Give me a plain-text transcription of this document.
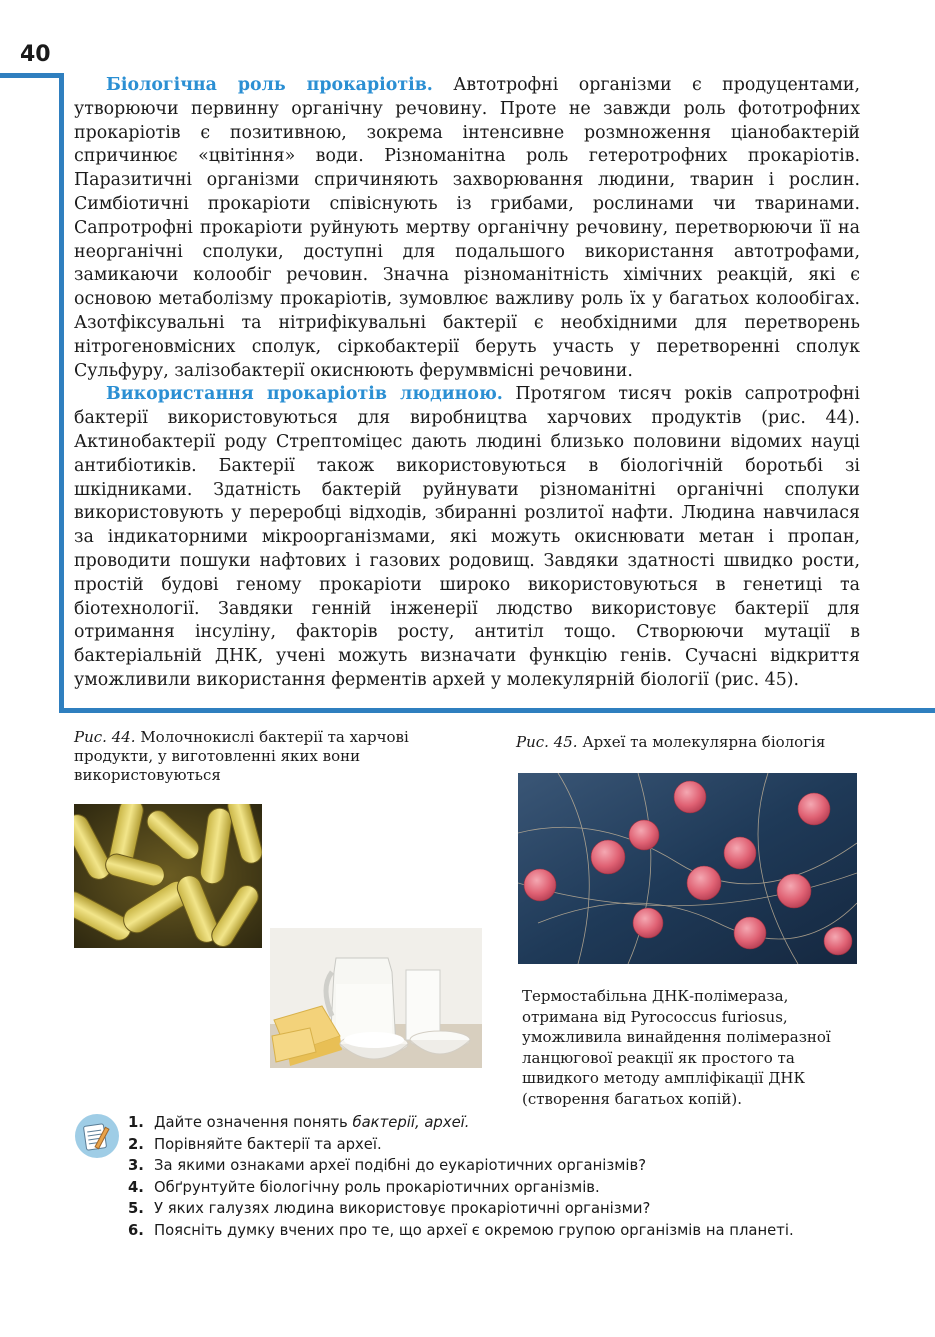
40

Біологічна роль прокаріотів. Автотрофні організми є продуцентами, утворюючи первинну органічну речовину. Проте не завжди роль фототрофних прокаріотів є позитивною, зокрема інтенсивне розмноження ціанобактерій спричинює «цвітіння» води. Різноманітна роль гетеротрофних прокаріотів. Паразитичні організми спричиняють захворювання людини, тварин і рослин. Симбіотичні прокаріоти співіснують із грибами, рослинами чи тваринами. Сапротрофні прокаріоти руйнують мертву органічну речовину, перетворюючи її на неорганічні сполуки, доступні для подальшого використання автотрофами, замикаючи колообіг речовин. Значна різноманітність хімічних реакцій, які є основою метаболізму прокаріотів, зумовлює важливу роль їх у багатьох колообігах. Азотфіксувальні та нітрифікувальні бактерії є необхідними для перетворень нітрогеновмісних сполук, сіркобактерії беруть участь у перетворенні сполук Сульфуру, залізобактерії окиснюють ферумвмісні речовини.

Використання прокаріотів людиною. Протягом тисяч років сапротрофні бактерії використовуються для виробництва харчових продуктів (рис. 44). Актинобактерії роду Стрептоміцес дають людині близько половини відомих науці антибіотиків. Бактерії також використовуються в біологічній боротьбі зі шкідниками. Здатність бактерій руйнувати різноманітні органічні сполуки використовують у переробці відходів, збиранні розлитої нафти. Людина навчилася за індикаторними мікроорганізмами, які можуть окиснювати метан і пропан, проводити пошуки нафтових і газових родовищ. Завдяки здатності швидко рости, простій будові геному прокаріоти широко використовуються в генетиці та біотехнології. Завдяки генній інженерії людство використовує бактерії для отримання інсуліну, факторів росту, антитіл тощо. Створюючи мутації в бактеріальній ДНК, учені можуть визначати функцію генів. Сучасні відкриття уможливили використання ферментів архей у молекулярній біології (рис. 45).

Рис. 44. Молочнокислі бактерії та харчові продукти, у виготовленні яких вони використовуються
Рис. 45. Археї та молекулярна біологія
Термостабільна ДНК-полімераза, отримана від Pyrococcus furiosus, уможливила винайдення полімеразної ланцюгової реакції як простого та швидкого методу ампліфікації ДНК (створення багатьох копій).
1. Дайте означення понять бактерії, археї.
2. Порівняйте бактерії та археї.
3. За якими ознаками археї подібні до еукаріотичних організмів?
4. Обґрунтуйте біологічну роль прокаріотичних організмів.
5. У яких галузях людина використовує прокаріотичні організми?
6. Поясніть думку вчених про те, що археї є окремою групою організмів на планеті.
